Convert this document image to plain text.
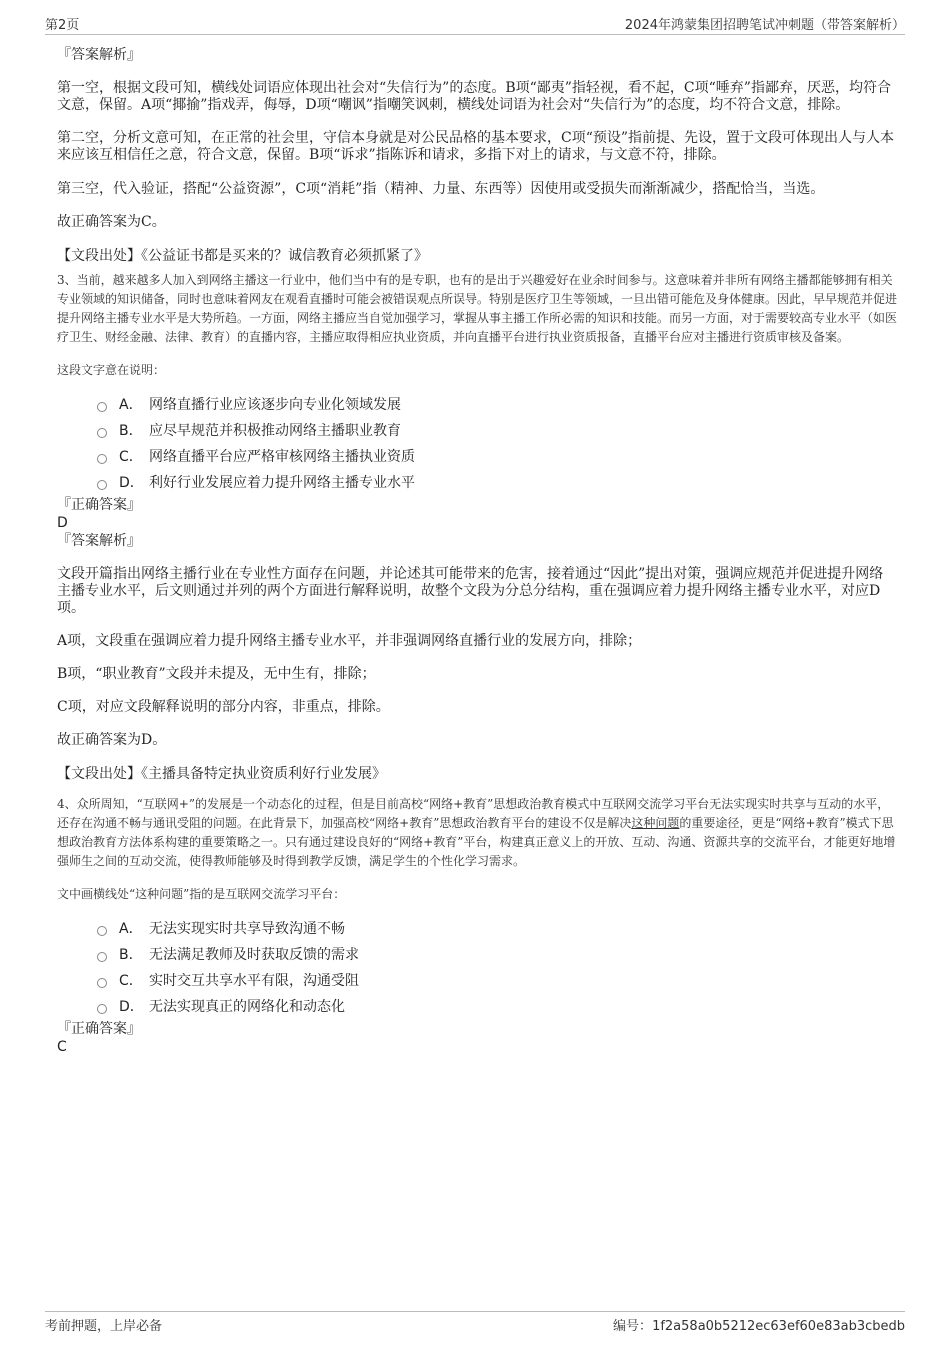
第2页	2024年鸿蒙集团招聘笔试冲刺题（带答案解析）

『答案解析』

第一空，根据文段可知，横线处词语应体现出社会对“失信行为”的态度。B项“鄙夷”指轻视，看不起，C项“唾弃”指鄙弃，厌恶，均符合文意，保留。A项“揶揄”指戏弄，侮辱，D项“嘲讽”指嘲笑讽刺，横线处词语为社会对“失信行为”的态度，均不符合文意，排除。

第二空，分析文意可知，在正常的社会里，守信本身就是对公民品格的基本要求，C项“预设”指前提、先设，置于文段可体现出人与人本来应该互相信任之意，符合文意，保留。B项“诉求”指陈诉和请求，多指下对上的请求，与文意不符，排除。

第三空，代入验证，搭配“公益资源”，C项“消耗”指（精神、力量、东西等）因使用或受损失而渐渐减少，搭配恰当，当选。

故正确答案为C。

【文段出处】《公益证书都是买来的？诚信教育必须抓紧了》

3、当前，越来越多人加入到网络主播这一行业中，他们当中有的是专职，也有的是出于兴趣爱好在业余时间参与。这意味着并非所有网络主播都能够拥有相关专业领域的知识储备，同时也意味着网友在观看直播时可能会被错误观点所误导。特别是医疗卫生等领域，一旦出错可能危及身体健康。因此，早早规范并促进提升网络主播专业水平是大势所趋。一方面，网络主播应当自觉加强学习，掌握从事主播工作所必需的知识和技能。而另一方面，对于需要较高专业水平（如医疗卫生、财经金融、法律、教育）的直播内容，主播应取得相应执业资质，并向直播平台进行执业资质报备，直播平台应对主播进行资质审核及备案。

这段文字意在说明：

A． 网络直播行业应该逐步向专业化领域发展
B． 应尽早规范并积极推动网络主播职业教育
C． 网络直播平台应严格审核网络主播执业资质
D． 利好行业发展应着力提升网络主播专业水平

『正确答案』

D

『答案解析』

文段开篇指出网络主播行业在专业性方面存在问题，并论述其可能带来的危害，接着通过“因此”提出对策，强调应规范并促进提升网络主播专业水平，后文则通过并列的两个方面进行解释说明，故整个文段为分总分结构，重在强调应着力提升网络主播专业水平，对应D项。

A项，文段重在强调应着力提升网络主播专业水平，并非强调网络直播行业的发展方向，排除；

B项，“职业教育”文段并未提及，无中生有，排除；

C项，对应文段解释说明的部分内容，非重点，排除。

故正确答案为D。

【文段出处】《主播具备特定执业资质利好行业发展》

4、众所周知，“互联网+”的发展是一个动态化的过程，但是目前高校“网络+教育”思想政治教育模式中互联网交流学习平台无法实现实时共享与互动的水平，还存在沟通不畅与通讯受阻的问题。在此背景下，加强高校“网络+教育”思想政治教育平台的建设不仅是解决这种问题的重要途径，更是“网络+教育”模式下思想政治教育方法体系构建的重要策略之一。只有通过建设良好的“网络+教育”平台，构建真正意义上的开放、互动、沟通、资源共享的交流平台，才能更好地增强师生之间的互动交流，使得教师能够及时得到教学反馈，满足学生的个性化学习需求。

文中画横线处“这种问题”指的是互联网交流学习平台：

A． 无法实现实时共享导致沟通不畅
B． 无法满足教师及时获取反馈的需求
C． 实时交互共享水平有限，沟通受阻
D． 无法实现真正的网络化和动态化

『正确答案』

C

考前押题，上岸必备	编号：1f2a58a0b5212ec63ef60e83ab3cbedb
